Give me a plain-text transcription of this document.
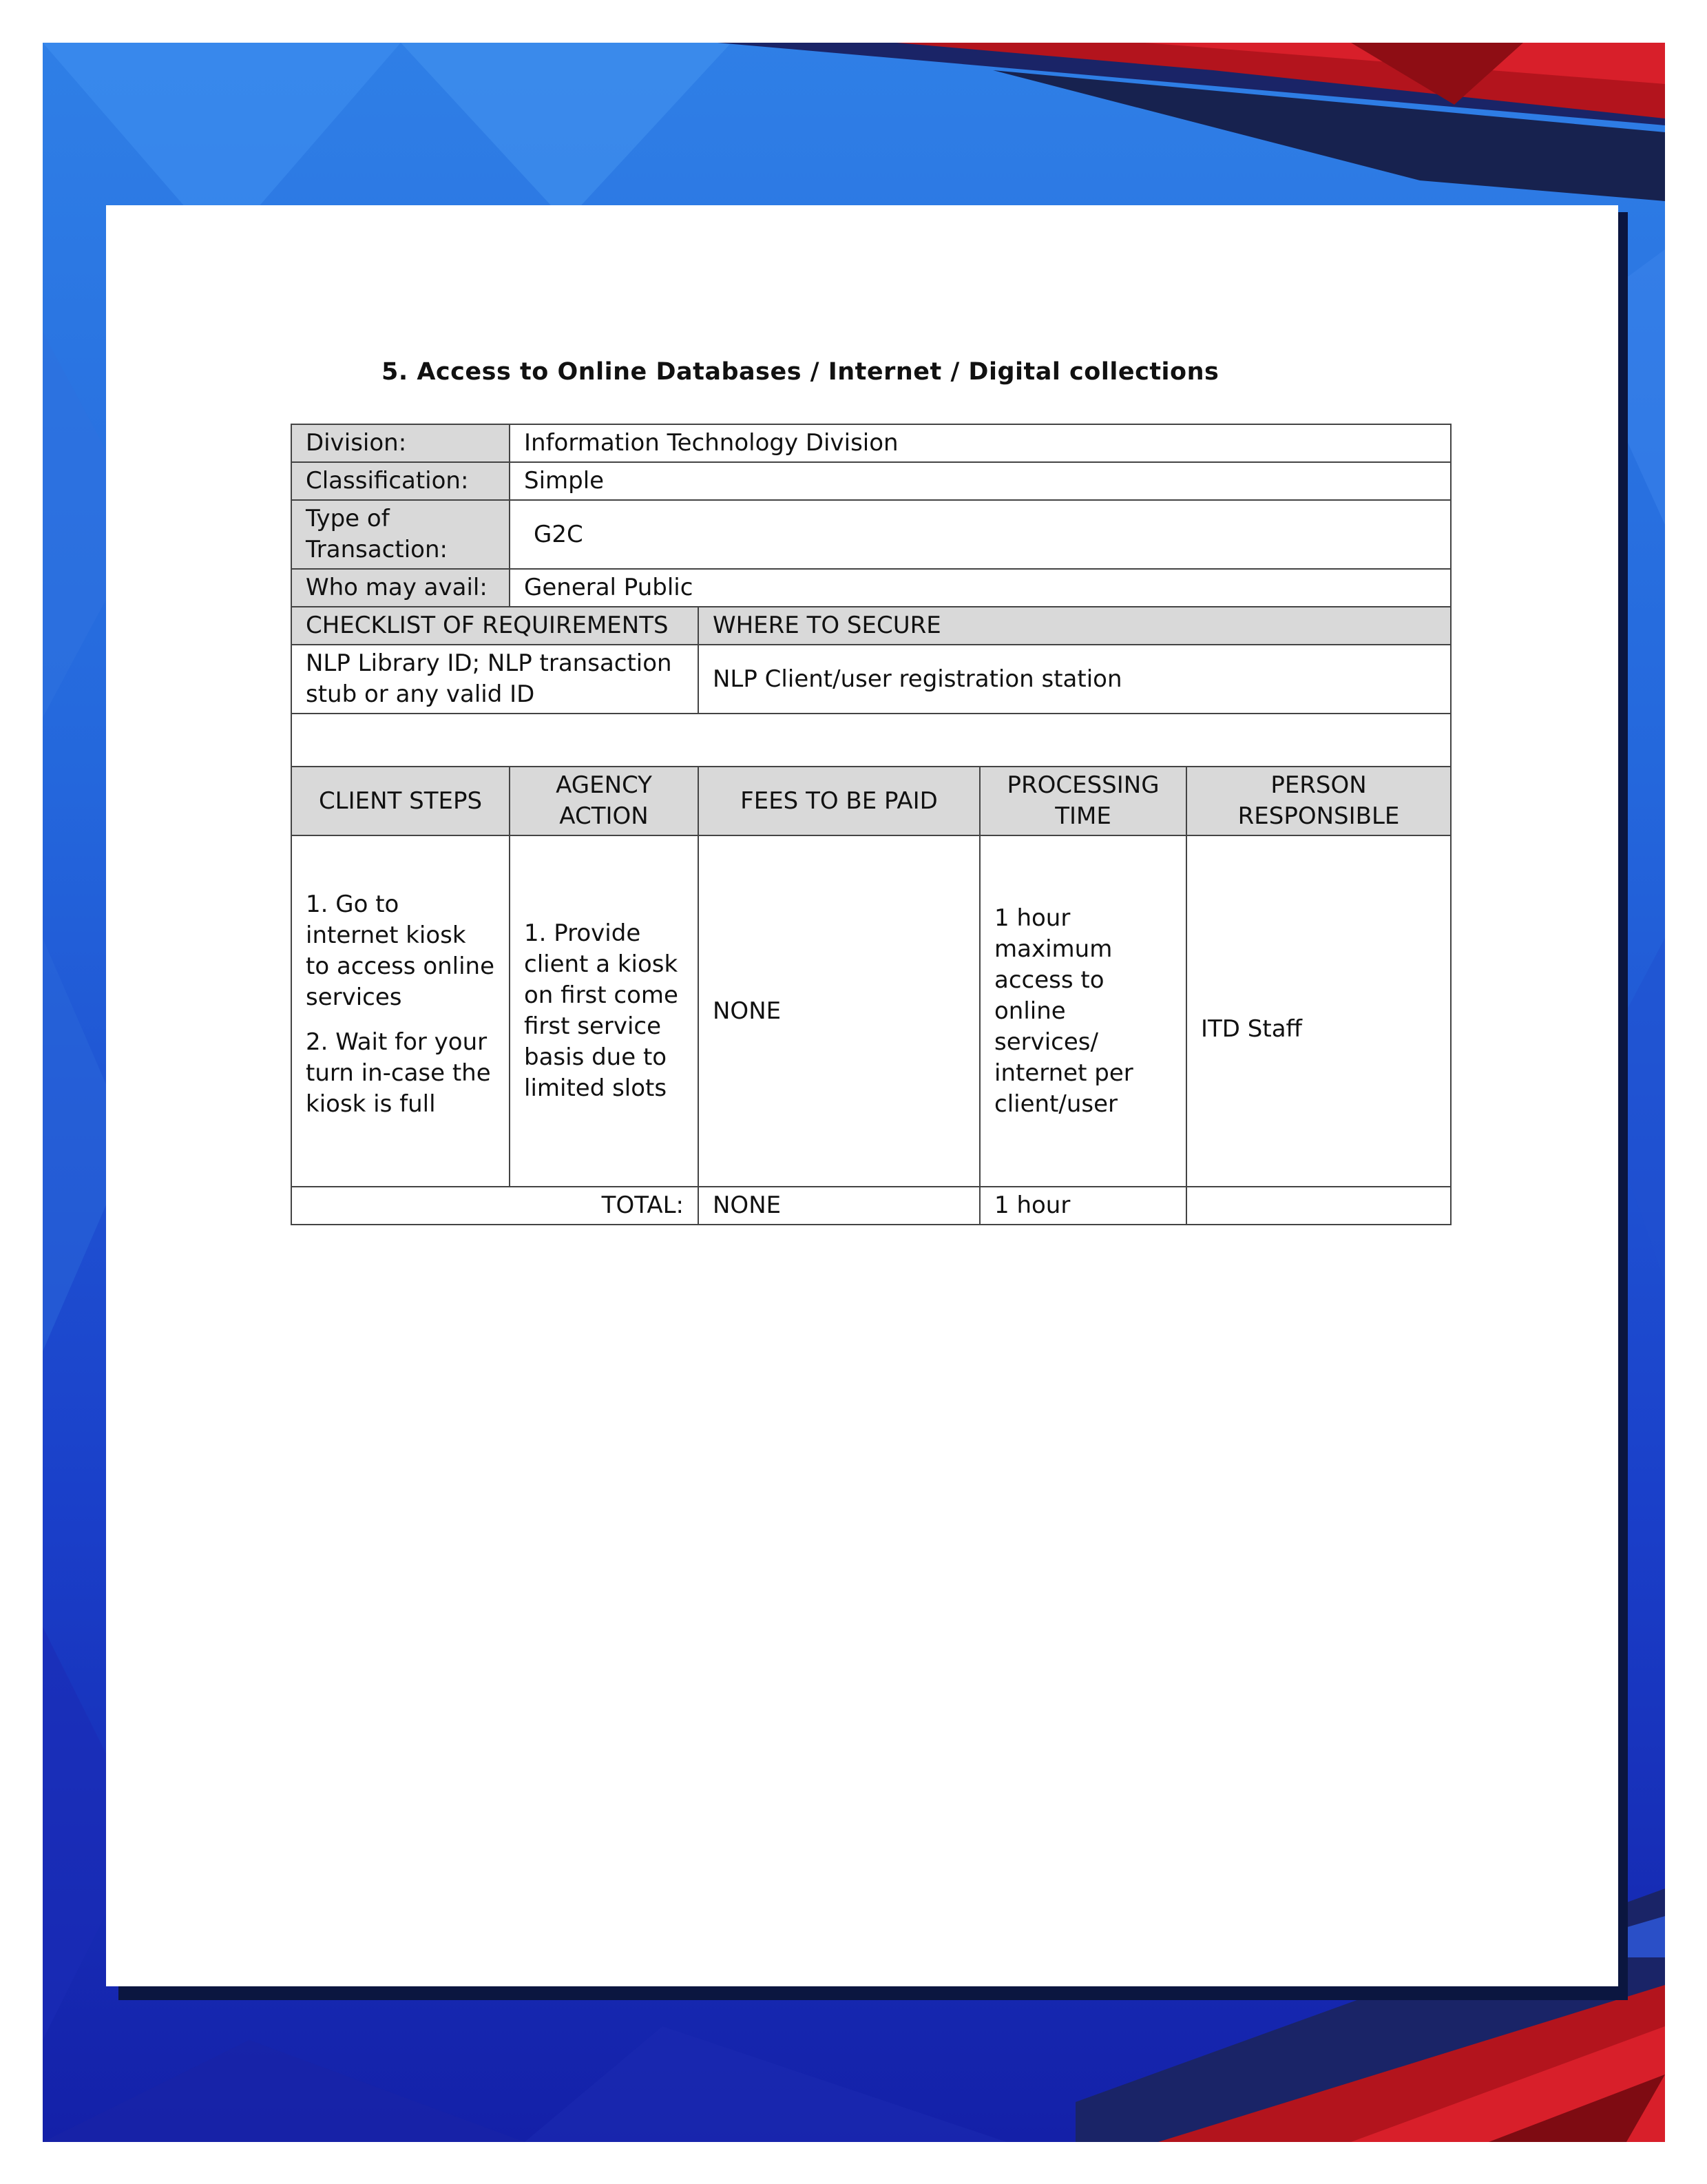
5. Access to Online Databases / Internet / Digital collections
Division:	Information Technology Division			
Classification:	Simple			
Type of Transaction:	G2C			
Who may avail:	General Public			
CHECKLIST OF REQUIREMENTS		WHERE TO SECURE		
NLP Library ID; NLP transaction stub or any valid ID		NLP Client/user registration station		

CLIENT STEPS	AGENCY ACTION	FEES TO BE PAID	PROCESSING TIME	PERSON RESPONSIBLE

1. Go to internet kiosk to access online services

2. Wait for your turn in-case the kiosk is full	1. Provide client a kiosk on first come first service basis due to limited slots	NONE	1 hour maximum access to online services/ internet per client/user	ITD Staff
TOTAL:		NONE	1 hour	
